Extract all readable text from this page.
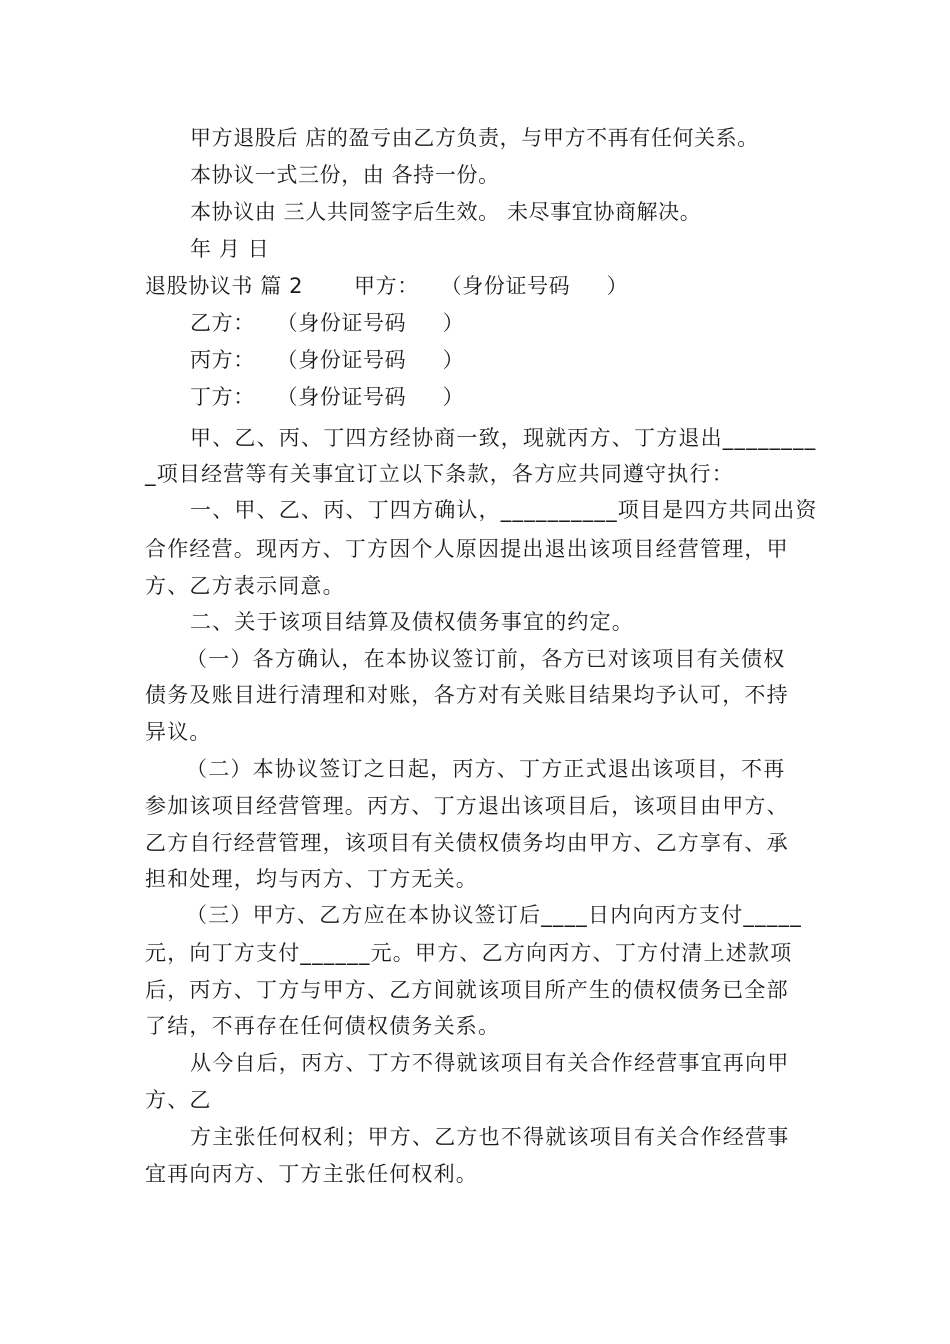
甲方退股后 店的盈亏由乙方负责，与甲方不再有任何关系。
本协议一式三份，由 各持一份。
本协议由 三人共同签字后生效。 未尽事宜协商解决。
年 月 日
退股协议书 篇 2       甲方：   （身份证号码     ）
乙方：   （身份证号码     ）
丙方：   （身份证号码     ）
丁方：   （身份证号码     ）
甲、乙、丙、丁四方经协商一致，现就丙方、丁方退出________
_项目经营等有关事宜订立以下条款，各方应共同遵守执行：
一、甲、乙、丙、丁四方确认，__________项目是四方共同出资
合作经营。现丙方、丁方因个人原因提出退出该项目经营管理，甲
方、乙方表示同意。
二、关于该项目结算及债权债务事宜的约定。
（一）各方确认，在本协议签订前，各方已对该项目有关债权
债务及账目进行清理和对账，各方对有关账目结果均予认可，不持
异议。
（二）本协议签订之日起，丙方、丁方正式退出该项目，不再
参加该项目经营管理。丙方、丁方退出该项目后，该项目由甲方、
乙方自行经营管理，该项目有关债权债务均由甲方、乙方享有、承
担和处理，均与丙方、丁方无关。
（三）甲方、乙方应在本协议签订后____日内向丙方支付_____
元，向丁方支付______元。甲方、乙方向丙方、丁方付清上述款项
后，丙方、丁方与甲方、乙方间就该项目所产生的债权债务已全部
了结，不再存在任何债权债务关系。
从今自后，丙方、丁方不得就该项目有关合作经营事宜再向甲
方、乙
方主张任何权利；甲方、乙方也不得就该项目有关合作经营事
宜再向丙方、丁方主张任何权利。
